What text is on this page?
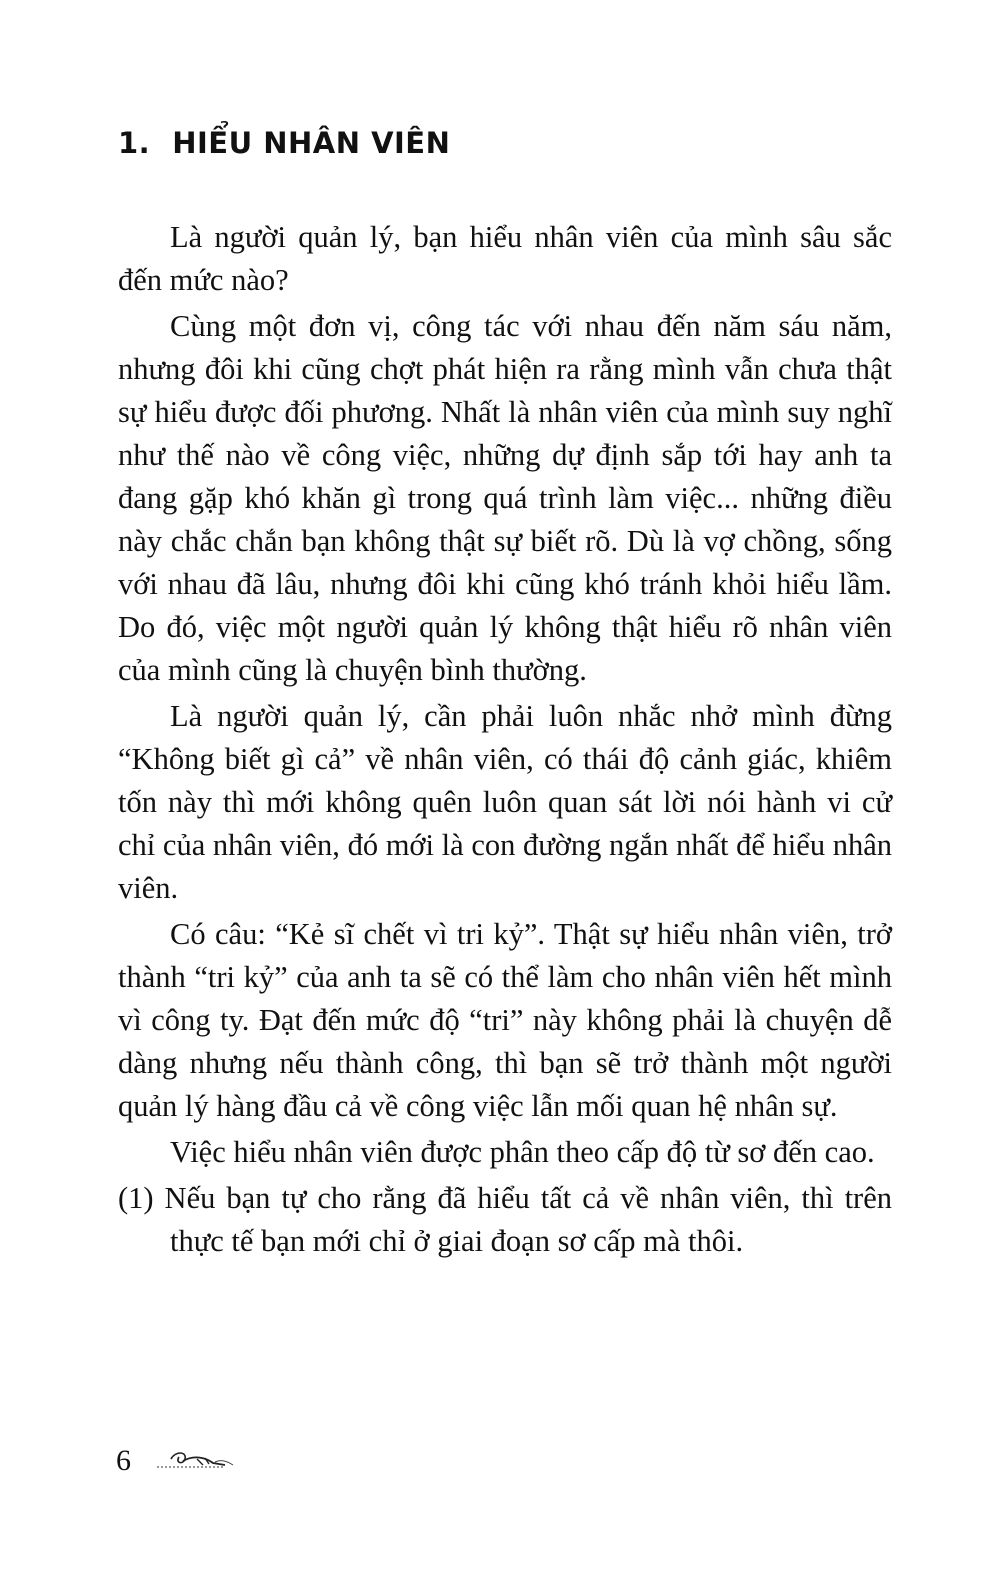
1. HIỂU NHÂN VIÊN

Là người quản lý, bạn hiểu nhân viên của mình sâu sắc đến mức nào?

Cùng một đơn vị, công tác với nhau đến năm sáu năm, nhưng đôi khi cũng chợt phát hiện ra rằng mình vẫn chưa thật sự hiểu được đối phương. Nhất là nhân viên của mình suy nghĩ như thế nào về công việc, những dự định sắp tới hay anh ta đang gặp khó khăn gì trong quá trình làm việc... những điều này chắc chắn bạn không thật sự biết rõ. Dù là vợ chồng, sống với nhau đã lâu, nhưng đôi khi cũng khó tránh khỏi hiểu lầm. Do đó, việc một người quản lý không thật hiểu rõ nhân viên của mình cũng là chuyện bình thường.

Là người quản lý, cần phải luôn nhắc nhở mình đừng “Không biết gì cả” về nhân viên, có thái độ cảnh giác, khiêm tốn này thì mới không quên luôn quan sát lời nói hành vi cử chỉ của nhân viên, đó mới là con đường ngắn nhất để hiểu nhân viên.

Có câu: “Kẻ sĩ chết vì tri kỷ”. Thật sự hiểu nhân viên, trở thành “tri kỷ” của anh ta sẽ có thể làm cho nhân viên hết mình vì công ty. Đạt đến mức độ “tri” này không phải là chuyện dễ dàng nhưng nếu thành công, thì bạn sẽ trở thành một người quản lý hàng đầu cả về công việc lẫn mối quan hệ nhân sự.

Việc hiểu nhân viên được phân theo cấp độ từ sơ đến cao.

(1) Nếu bạn tự cho rằng đã hiểu tất cả về nhân viên, thì trên thực tế bạn mới chỉ ở giai đoạn sơ cấp mà thôi.

6
